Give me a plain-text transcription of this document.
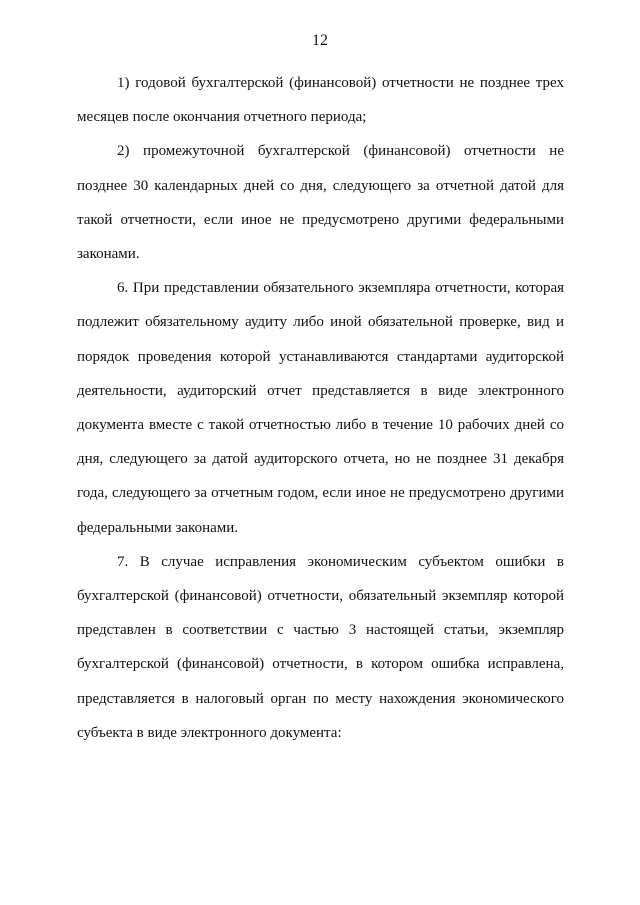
12

1) годовой бухгалтерской (финансовой) отчетности не позднее трех месяцев после окончания отчетного периода;

2) промежуточной бухгалтерской (финансовой) отчетности не позднее 30 календарных дней со дня, следующего за отчетной датой для такой отчетности, если иное не предусмотрено другими федеральными законами.

6. При представлении обязательного экземпляра отчетности, которая подлежит обязательному аудиту либо иной обязательной проверке, вид и порядок проведения которой устанавливаются стандартами аудиторской деятельности, аудиторский отчет представляется в виде электронного документа вместе с такой отчетностью либо в течение 10 рабочих дней со дня, следующего за датой аудиторского отчета, но не позднее 31 декабря года, следующего за отчетным годом, если иное не предусмотрено другими федеральными законами.

7. В случае исправления экономическим субъектом ошибки в бухгалтерской (финансовой) отчетности, обязательный экземпляр которой представлен в соответствии с частью 3 настоящей статьи, экземпляр бухгалтерской (финансовой) отчетности, в котором ошибка исправлена, представляется в налоговый орган по месту нахождения экономического субъекта в виде электронного документа:
